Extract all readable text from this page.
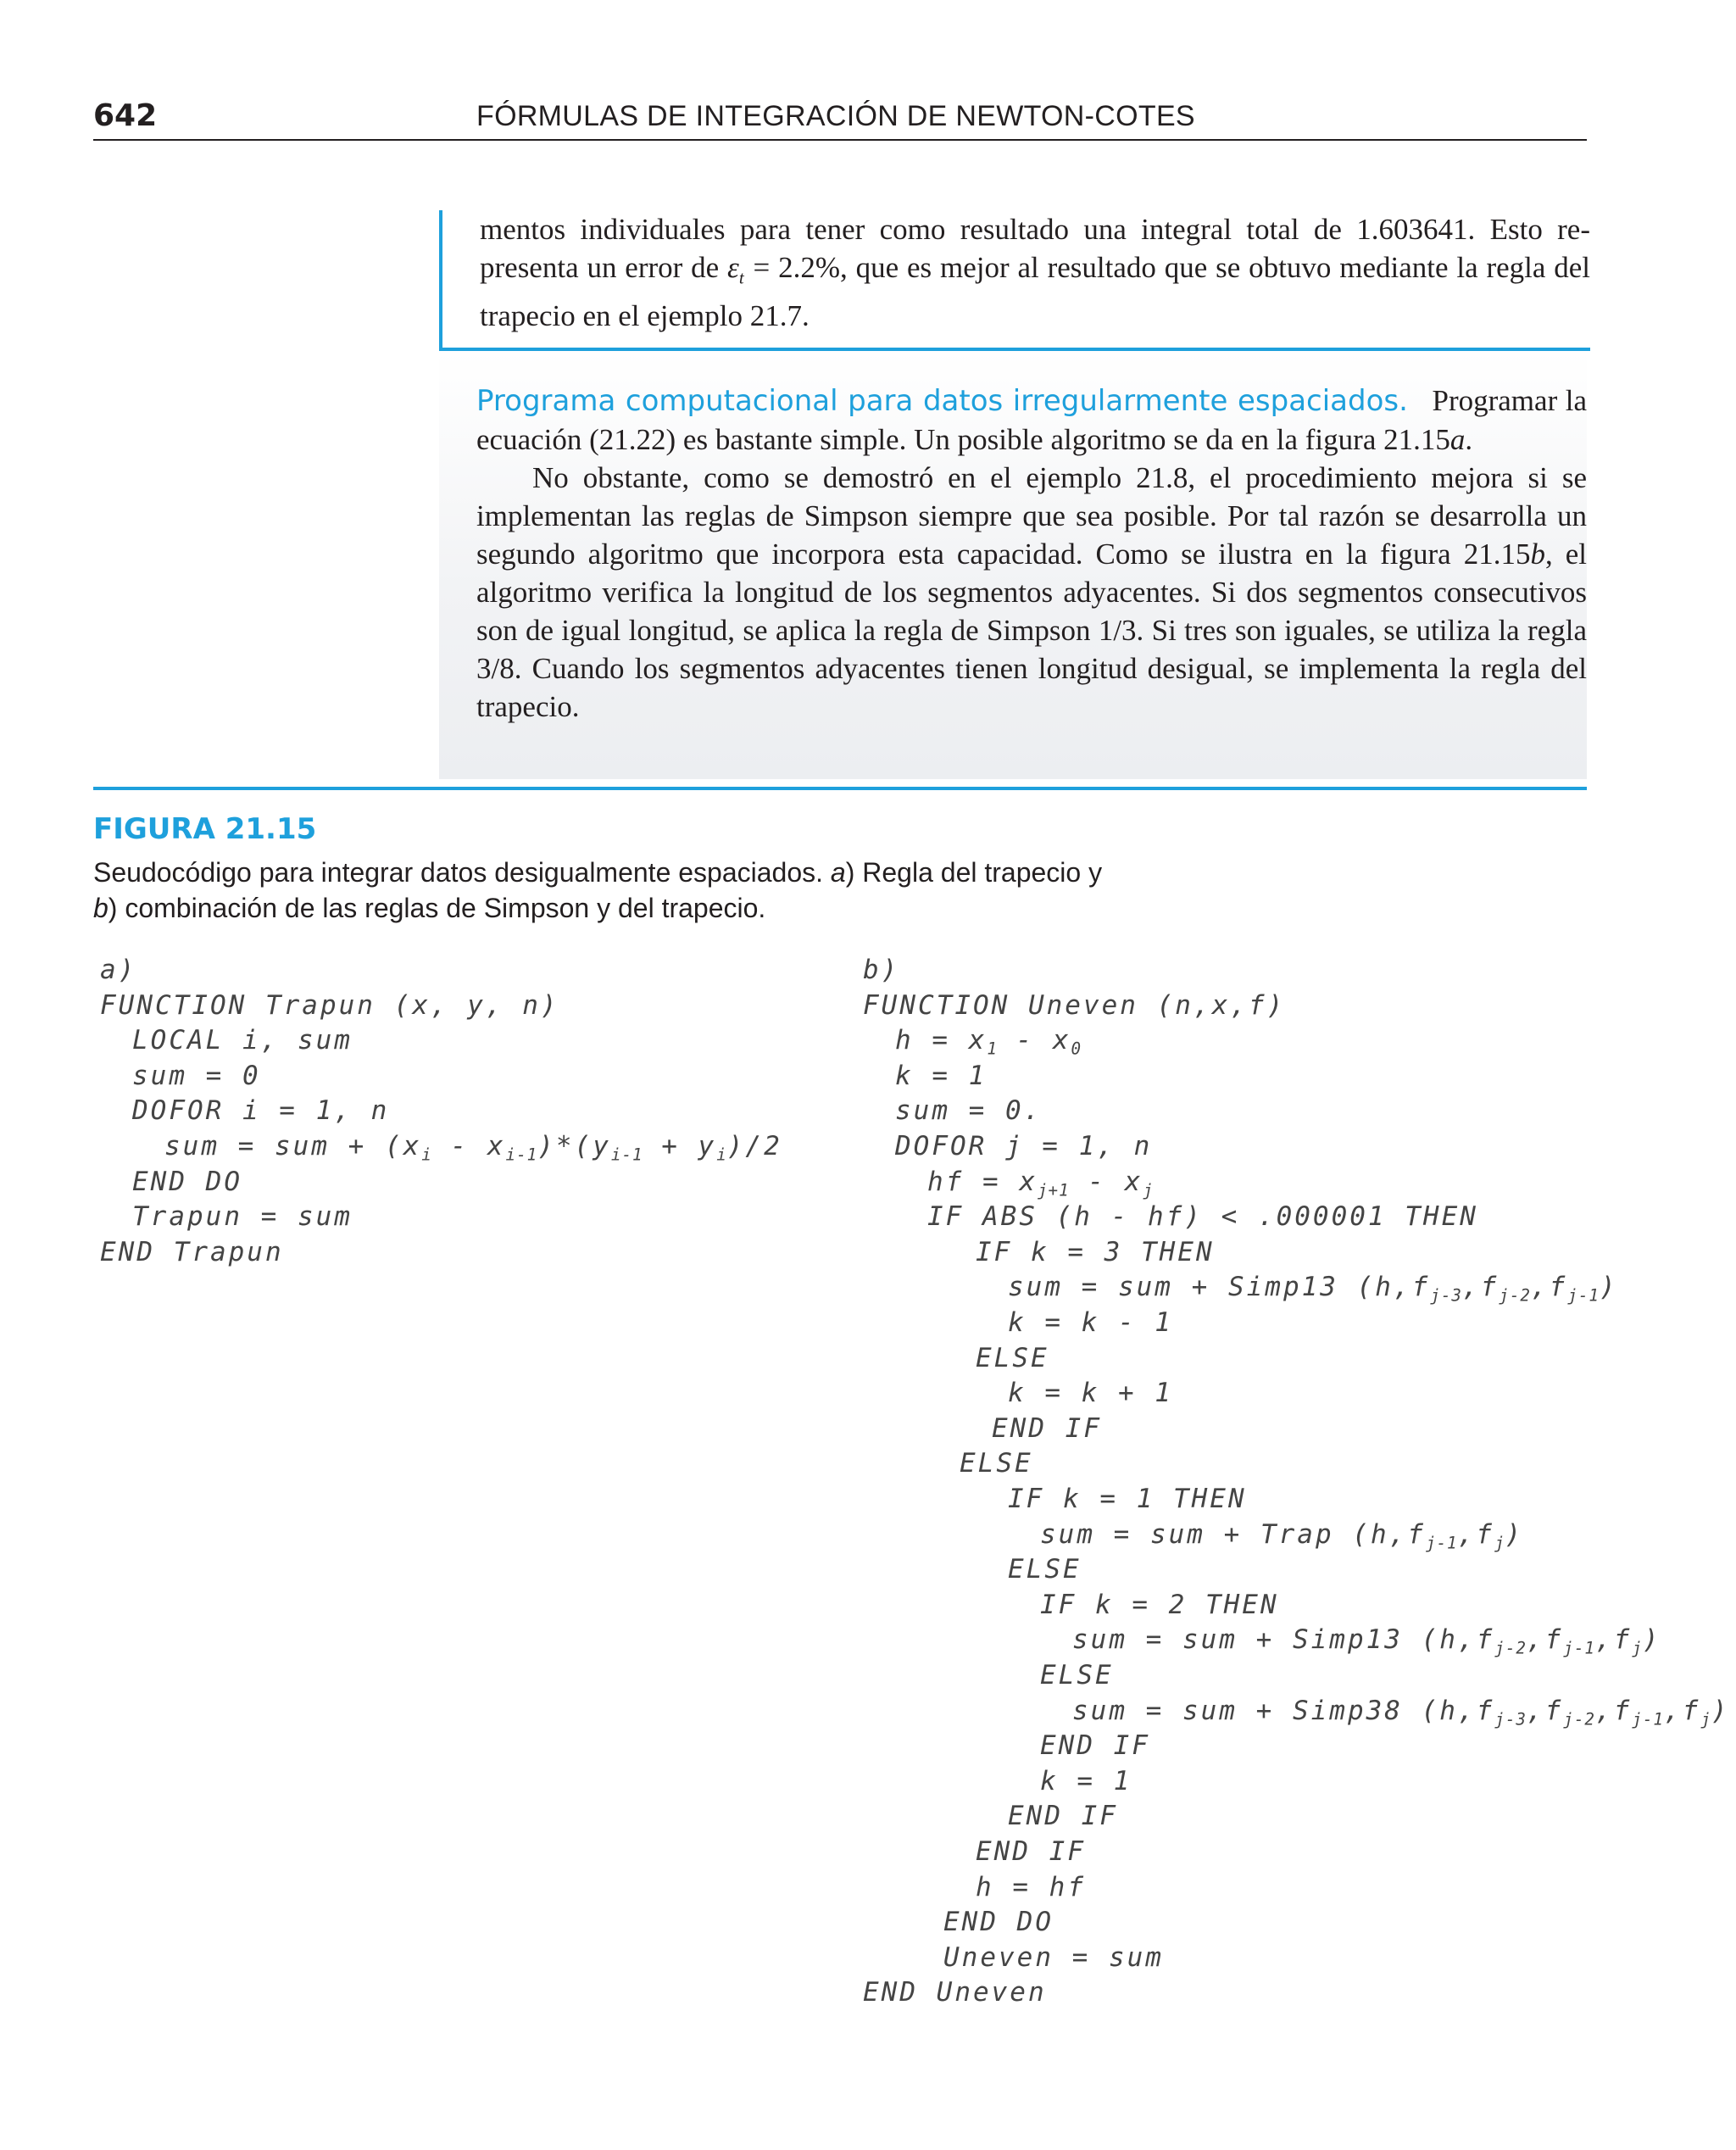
642	FÓRMULAS DE INTEGRACIÓN DE NEWTON-COTES
mentos individuales para tener como resultado una integral total de 1.603641. Esto representa un error de $\varepsilon_t = 2.2\%$, que es mejor al resultado que se obtuvo mediante la regla del trapecio en el ejemplo 21.7.
Programa computacional para datos irregularmente espaciados. Programar la ecuación (21.22) es bastante simple. Un posible algoritmo se da en la figura 21.15a.
No obstante, como se demostró en el ejemplo 21.8, el procedimiento mejora si se implementan las reglas de Simpson siempre que sea posible. Por tal razón se desarrolla un segundo algoritmo que incorpora esta capacidad. Como se ilustra en la figura 21.15b, el algoritmo verifica la longitud de los segmentos adyacentes. Si dos segmentos consecutivos son de igual longitud, se aplica la regla de Simpson 1/3. Si tres son iguales, se utiliza la regla 3/8. Cuando los segmentos adyacentes tienen longitud desigual, se implementa la regla del trapecio.
FIGURA 21.15
Seudocódigo para integrar datos desigualmente espaciados. a) Regla del trapecio y
b) combinación de las reglas de Simpson y del trapecio.
a)
FUNCTION Trapun (x, y, n)
LOCAL i, sum
sum = 0
DOFOR i = 1, n
sum = sum + $(x_i - x_{i-1})*(y_{i-1} + y_i)/2$
END DO
Trapun = sum
END Trapun
b)
FUNCTION Uneven (n,x,f)
$h = x_1 - x_0$
k = 1
sum = 0.
DOFOR j = 1, n
hf = $x_{j+1} - x_j$
IF ABS (h - hf) < .000001 THEN
IF k = 3 THEN
sum = sum + Simp13 $(h,f_{j-3},f_{j-2},f_{j-1})$
k = k - 1
ELSE
k = k + 1
END IF
ELSE
IF k = 1 THEN
sum = sum + Trap $(h,f_{j-1},f_j)$
ELSE
IF k = 2 THEN
sum = sum + Simp13 $(h,f_{j-2},f_{j-1},f_j)$
ELSE
sum = sum + Simp38 $(h,f_{j-3},f_{j-2},f_{j-1},f_j)$
END IF
k = 1
END IF
END IF
h = hf
END DO
Uneven = sum
END Uneven
